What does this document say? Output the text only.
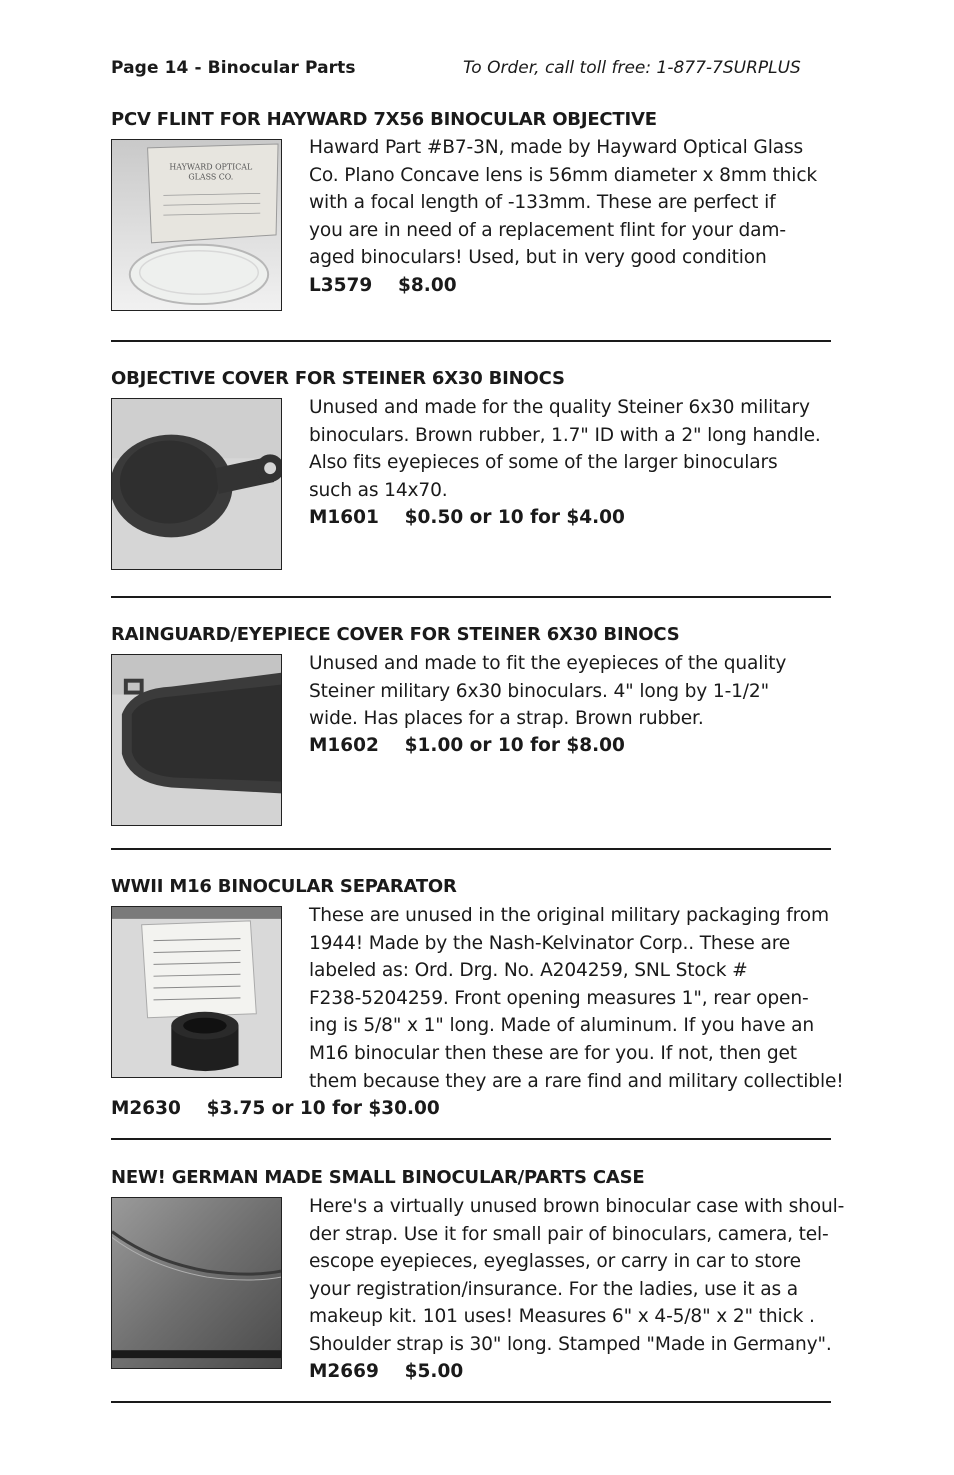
Page 14 - Binocular Parts	To Order, call toll free: 1-877-7SURPLUS
PCV FLINT FOR HAYWARD 7X56 BINOCULAR OBJECTIVE
HAYWARD OPTICAL
GLASS CO.
Haward Part #B7-3N, made by Hayward Optical Glass
Co. Plano Concave lens is 56mm diameter x 8mm thick
with a focal length of -133mm. These are perfect if
you are in need of a replacement flint for your dam-
aged binoculars! Used, but in very good condition
L3579 $8.00
OBJECTIVE COVER FOR STEINER 6X30 BINOCS
Unused and made for the quality Steiner 6x30 military
binoculars. Brown rubber, 1.7" ID with a 2" long handle.
Also fits eyepieces of some of the larger binoculars
such as 14x70.
M1601 $0.50 or 10 for $4.00
RAINGUARD/EYEPIECE COVER FOR STEINER 6X30 BINOCS
Unused and made to fit the eyepieces of the quality
Steiner military 6x30 binoculars. 4" long by 1-1/2"
wide. Has places for a strap. Brown rubber.
M1602 $1.00 or 10 for $8.00
WWII M16 BINOCULAR SEPARATOR
These are unused in the original military packaging from
1944! Made by the Nash-Kelvinator Corp.. These are
labeled as: Ord. Drg. No. A204259, SNL Stock #
F238-5204259. Front opening measures 1", rear open-
ing is 5/8" x 1" long. Made of aluminum. If you have an
M16 binocular then these are for you. If not, then get
them because they are a rare find and military collectible!
M2630 $3.75 or 10 for $30.00
NEW! GERMAN MADE SMALL BINOCULAR/PARTS CASE
Here's a virtually unused brown binocular case with shoul-
der strap. Use it for small pair of binoculars, camera, tel-
escope eyepieces, eyeglasses, or carry in car to store
your registration/insurance. For the ladies, use it as a
makeup kit. 101 uses! Measures 6" x 4-5/8" x 2" thick .
Shoulder strap is 30" long. Stamped "Made in Germany".
M2669 $5.00
